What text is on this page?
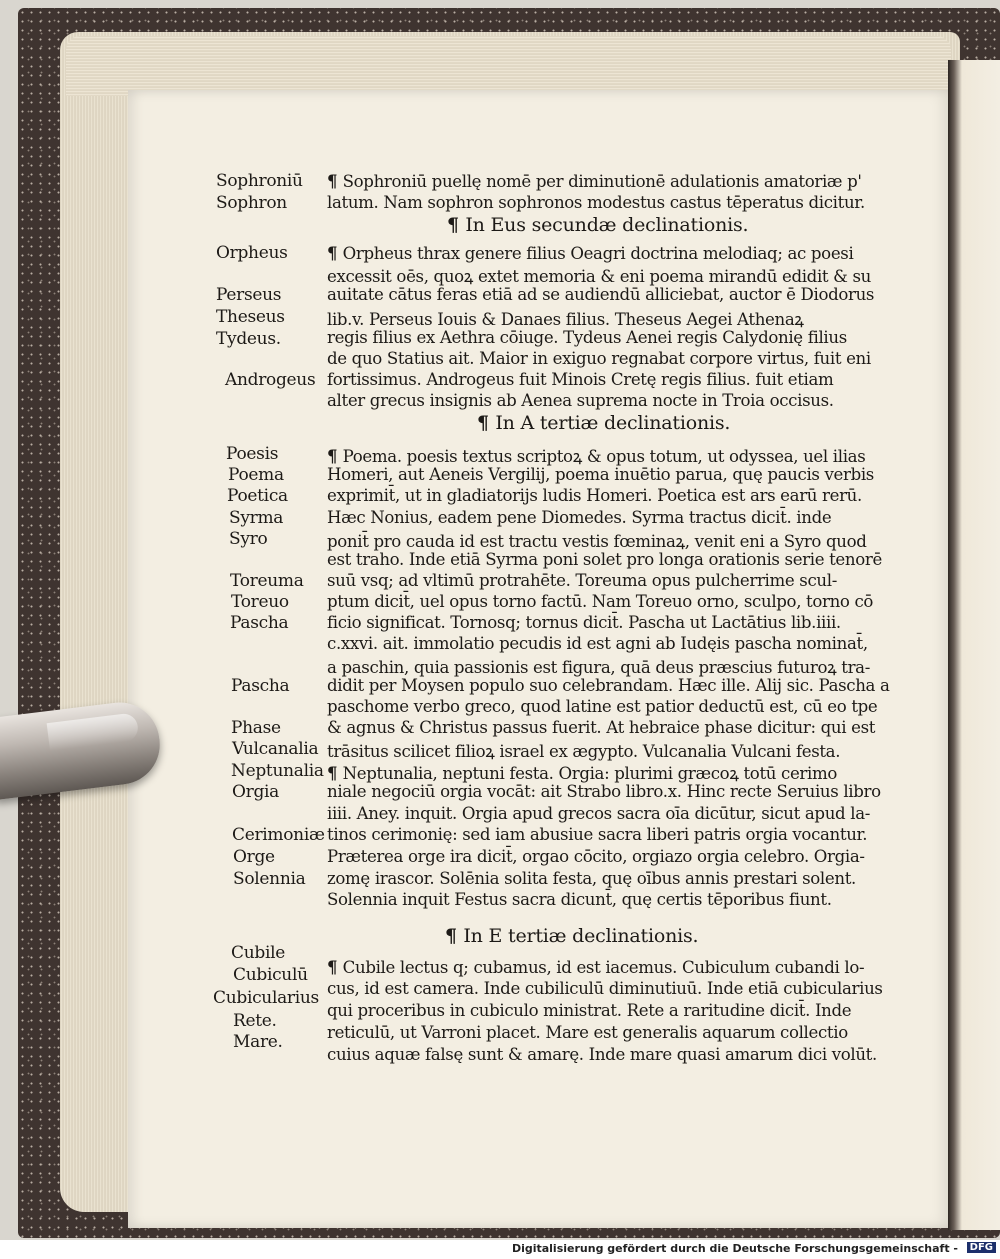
Sophroniū
Sophron
Orpheus
Perseus
Theseus
Tydeus.
Androgeus
Poesis
Poema
Poetica
Syrma
Syro
Toreuma
Toreuo
Pascha
Pascha
Phase
Vulcanalia
Neptunalia
Orgia
Cerimoniæ
Orge
Solennia
Cubile
Cubiculū
Cubicularius
Rete.
Mare.
¶ Sophroniū puellę nomē per diminutionē adulationis amatoriæ p'
latum. Nam sophron sophronos modestus castus tēperatus dicitur.
¶ In Eus secundæ declinationis.
¶ Orpheus thrax genere filius Oeagri doctrina melodiaq; ac poesi
excessit oēs, quoꝝ extet memoria & eni poema mirandū edidit & su
auitate cātus feras etiā ad se audiendū alliciebat, auctor ē Diodorus
lib.v. Perseus Iouis & Danaes filius. Theseus Aegei Athenaꝝ
regis filius ex Aethra cōiuge. Tydeus Aenei regis Calydonię filius
de quo Statius ait. Maior in exiguo regnabat corpore virtus, fuit eni
fortissimus. Androgeus fuit Minois Cretę regis filius. fuit etiam
alter grecus insignis ab Aenea suprema nocte in Troia occisus.
¶ In A tertiæ declinationis.
¶ Poema. poesis textus scriptoꝝ & opus totum, ut odyssea, uel ilias
Homeri, aut Aeneis Vergilij, poema inuētio parua, quę paucis verbis
exprimit̄, ut in gladiatorijs ludis Homeri. Poetica est ars earū rerū.
Hæc Nonius, eadem pene Diomedes. Syrma tractus dicit̄. inde
ponit̄ pro cauda id est tractu vestis fœminaꝝ, venit eni a Syro quod
est traho. Inde etiā Syrma poni solet pro longa orationis serie tenorē
suū vsq; ad vltimū protrahēte. Toreuma opus pulcherrime scul-
ptum dicit̄, uel opus torno factū. Nam Toreuo orno, sculpo, torno cō
ficio significat. Tornosq; tornus dicit̄. Pascha ut Lactātius lib.iiii.
c.xxvi. ait. immolatio pecudis id est agni ab Iudęis pascha nominat̄,
a paschin, quia passionis est figura, quā deus præscius futuroꝝ tra-
didit per Moysen populo suo celebrandam. Hæc ille. Alij sic. Pascha a
paschome verbo greco, quod latine est patior deductū est, cū eo tpe
& agnus & Christus passus fuerit. At hebraice phase dicitur: qui est
trāsitus scilicet filioꝝ israel ex ægypto. Vulcanalia Vulcani festa.
¶ Neptunalia, neptuni festa. Orgia: plurimi græcoꝝ totū cerimo
niale negociū orgia vocāt: ait Strabo libro.x. Hinc recte Seruius libro
iiii. Aney. inquit. Orgia apud grecos sacra oīa dicūtur, sicut apud la-
tinos cerimonię: sed iam abusiue sacra liberi patris orgia vocantur.
Præterea orge ira dicit̄, orgao cōcito, orgiazo orgia celebro. Orgia-
zomę irascor. Solēnia solita festa, quę oībus annis prestari solent.
Solennia inquit Festus sacra dicunt̄, quę certis tēporibus fiunt.
¶ In E tertiæ declinationis.
¶ Cubile lectus q; cubamus, id est iacemus. Cubiculum cubandi lo-
cus, id est camera. Inde cubiliculū diminutiuū. Inde etiā cubicularius
qui proceribus in cubiculo ministrat. Rete a raritudine dicit̄. Inde
reticulū, ut Varroni placet. Mare est generalis aquarum collectio
cuius aquæ falsę sunt & amarę. Inde mare quasi amarum dici volūt.
Digitalisierung gefördert durch die Deutsche Forschungsgemeinschaft -	DFG
